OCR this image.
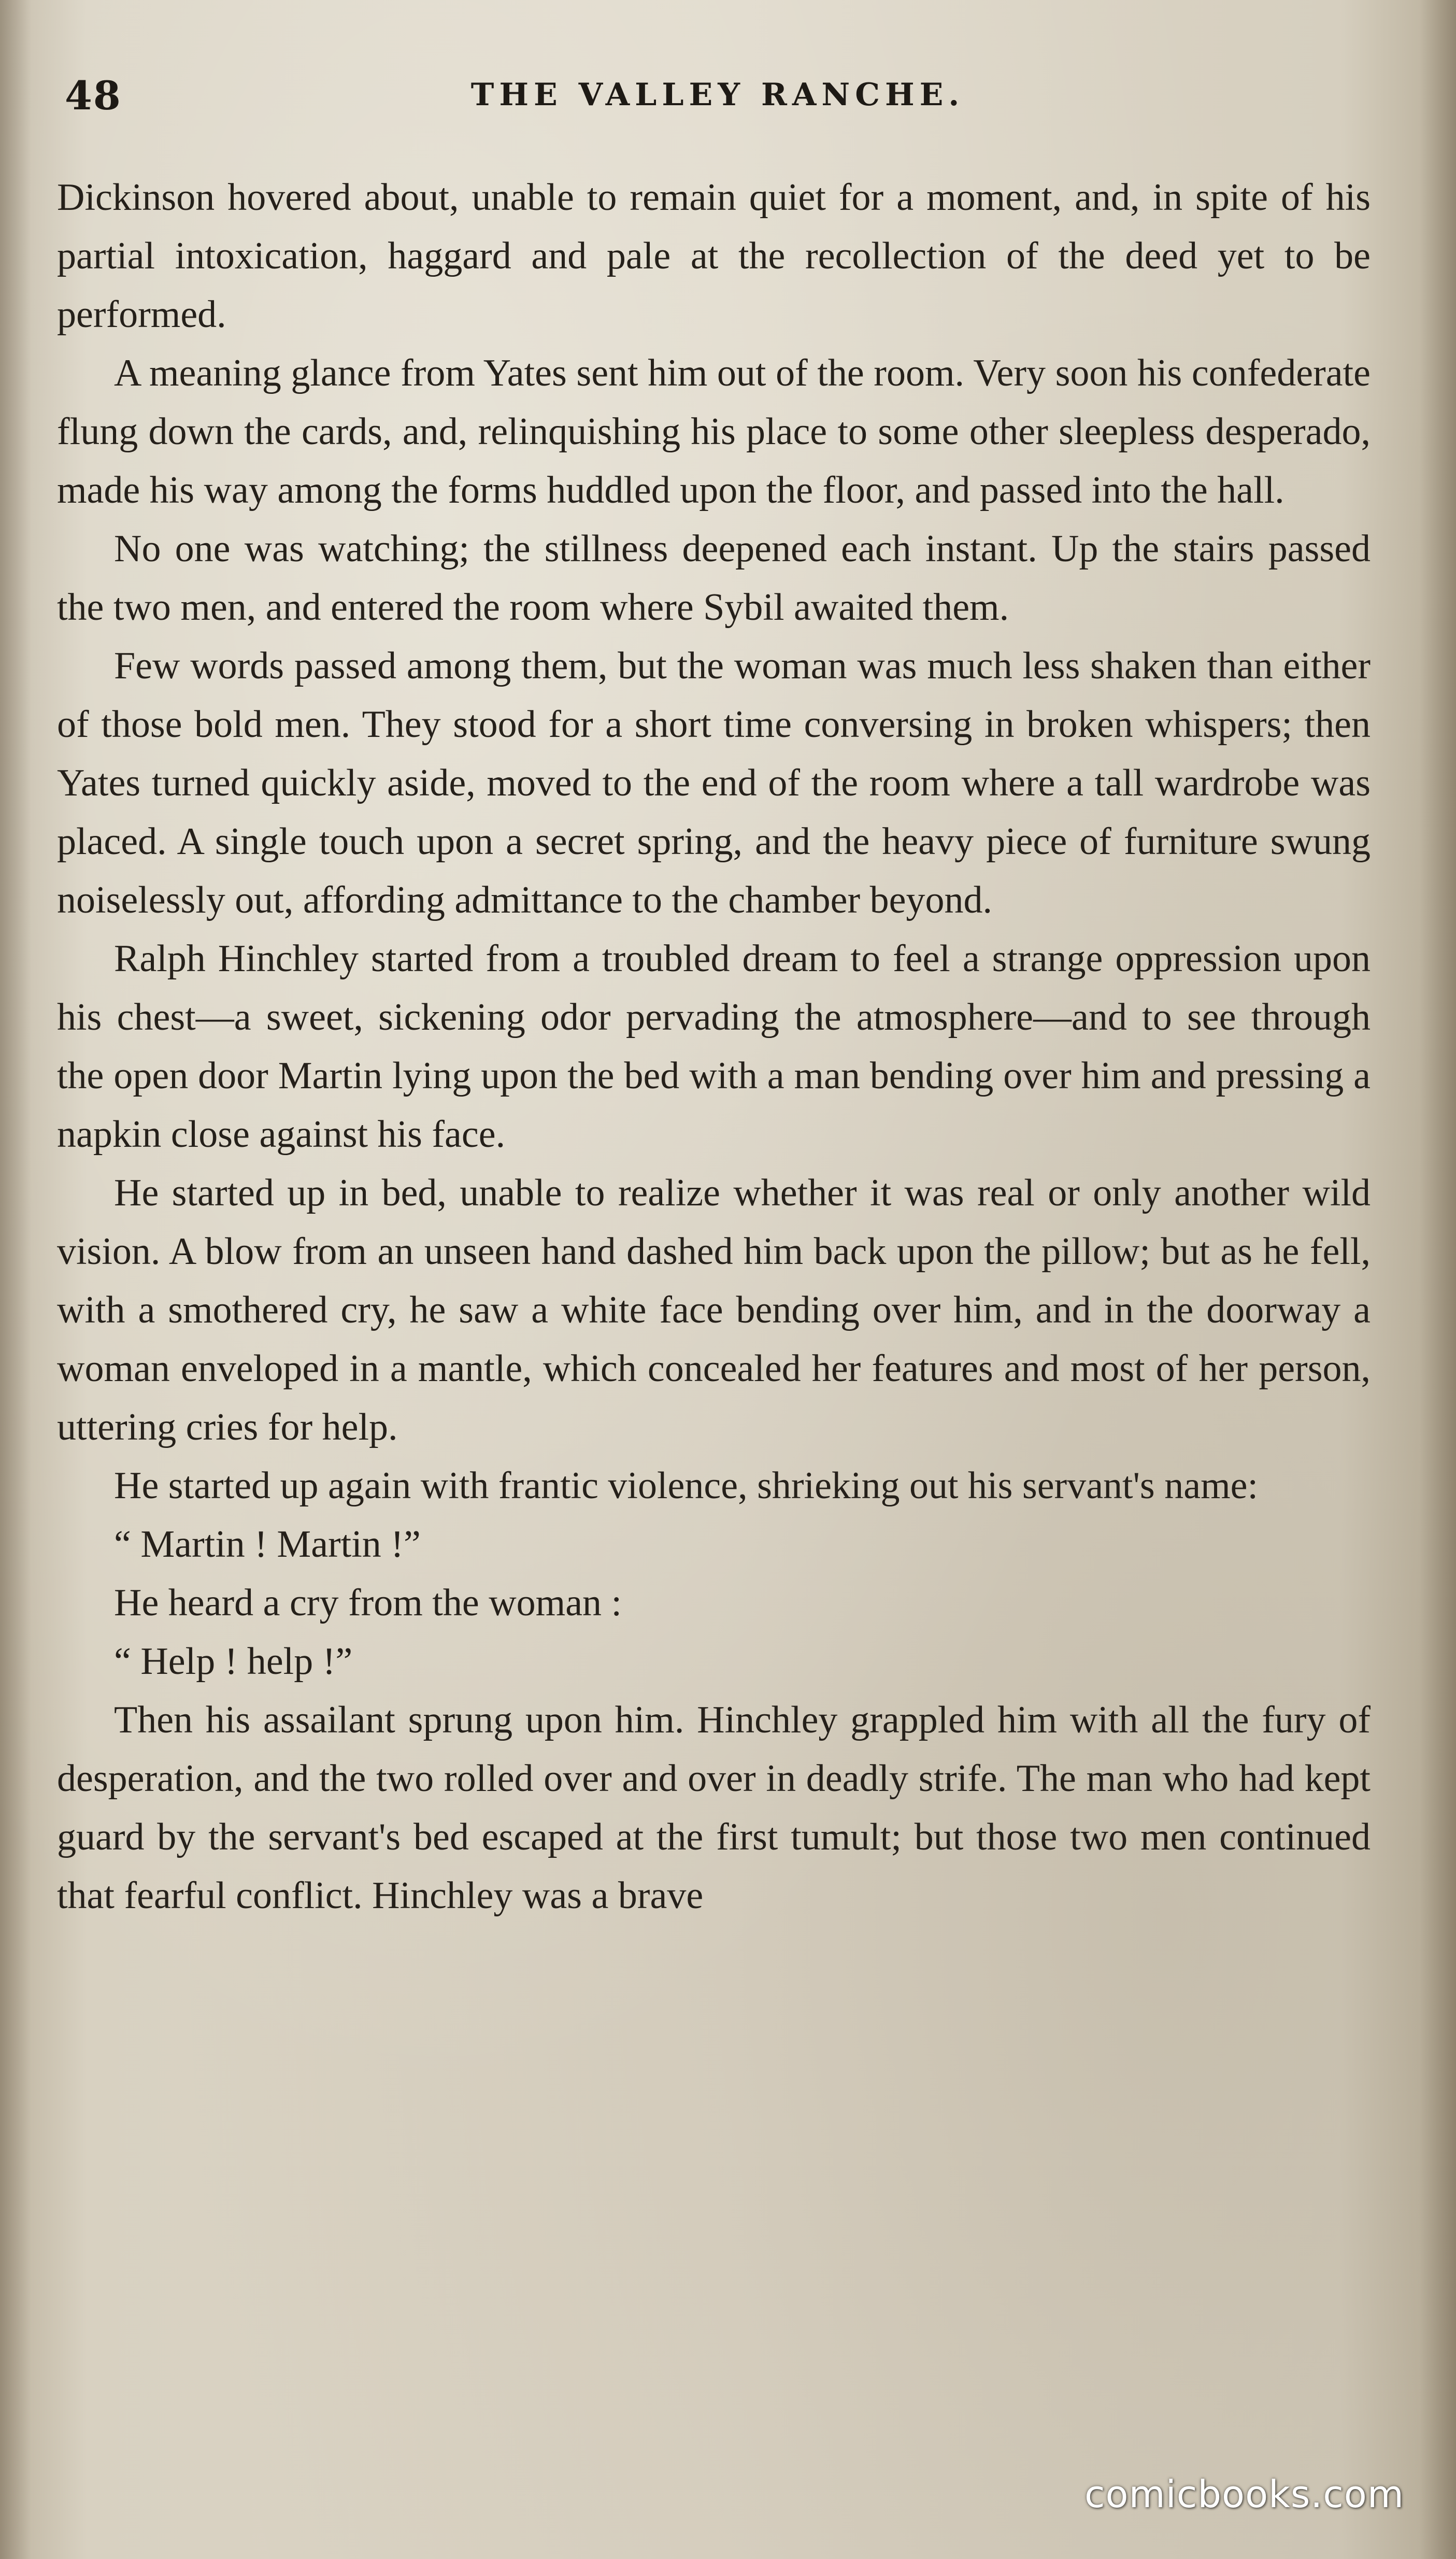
48	THE VALLEY RANCHE.

Dickinson hovered about, unable to remain quiet for a moment, and, in spite of his partial intoxication, haggard and pale at the recollection of the deed yet to be performed.

A meaning glance from Yates sent him out of the room. Very soon his confederate flung down the cards, and, relinquishing his place to some other sleepless desperado, made his way among the forms huddled upon the floor, and passed into the hall.

No one was watching; the stillness deepened each instant. Up the stairs passed the two men, and entered the room where Sybil awaited them.

Few words passed among them, but the woman was much less shaken than either of those bold men. They stood for a short time conversing in broken whispers; then Yates turned quickly aside, moved to the end of the room where a tall wardrobe was placed. A single touch upon a secret spring, and the heavy piece of furniture swung noiselessly out, affording admittance to the chamber beyond.

Ralph Hinchley started from a troubled dream to feel a strange oppression upon his chest—a sweet, sickening odor pervading the atmosphere—and to see through the open door Martin lying upon the bed with a man bending over him and pressing a napkin close against his face.

He started up in bed, unable to realize whether it was real or only another wild vision. A blow from an unseen hand dashed him back upon the pillow; but as he fell, with a smothered cry, he saw a white face bending over him, and in the doorway a woman enveloped in a mantle, which concealed her features and most of her person, uttering cries for help.

He started up again with frantic violence, shrieking out his servant's name:

“ Martin ! Martin !”

He heard a cry from the woman :

“ Help ! help !”

Then his assailant sprung upon him. Hinchley grappled him with all the fury of desperation, and the two rolled over and over in deadly strife. The man who had kept guard by the servant's bed escaped at the first tumult; but those two men continued that fearful conflict. Hinchley was a brave

comicbooks.com
